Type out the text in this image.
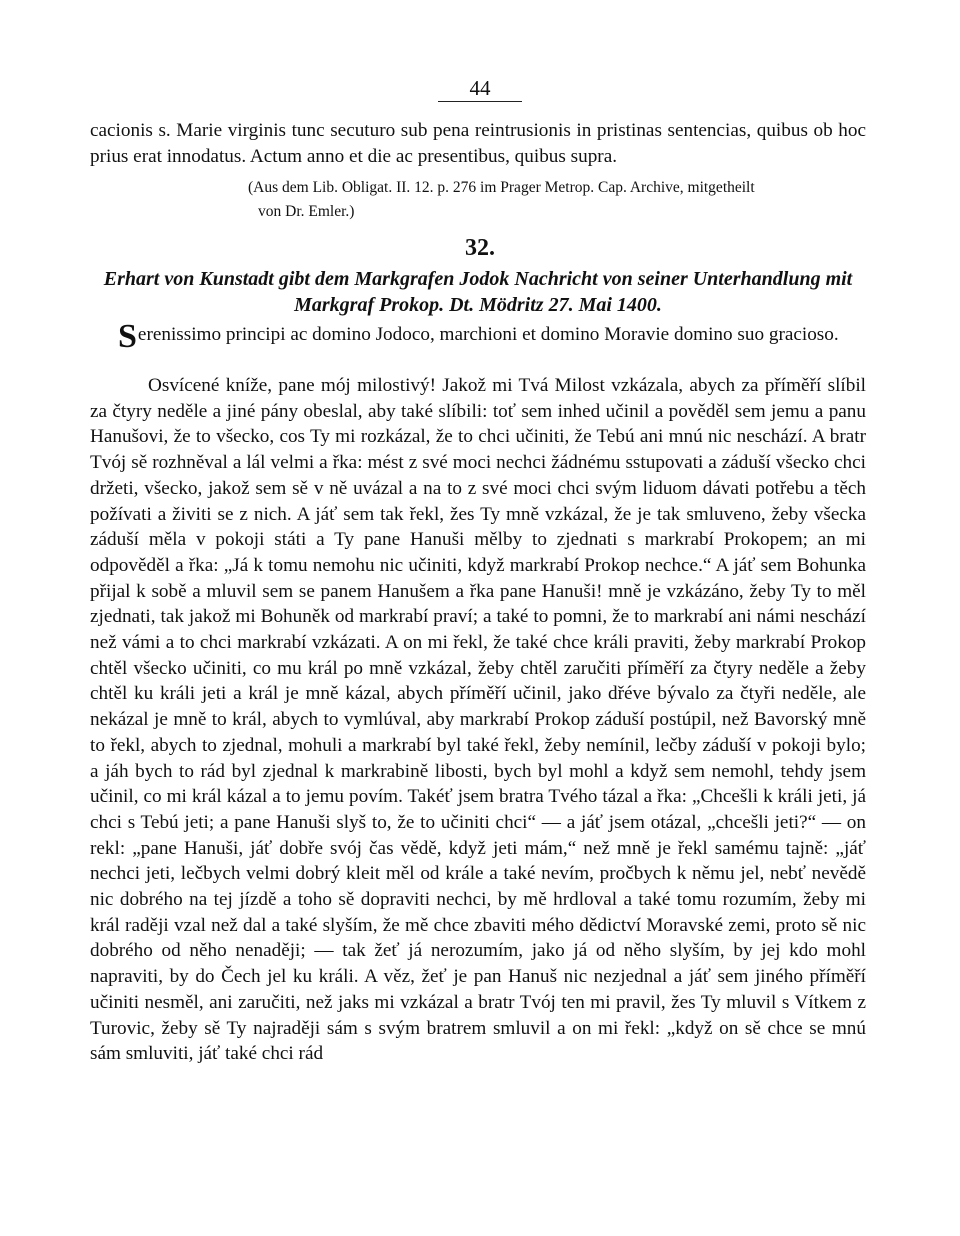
44

cacionis s. Marie virginis tunc secuturo sub pena reintrusionis in pristinas sentencias, quibus ob hoc prius erat innodatus. Actum anno et die ac presentibus, quibus supra.

(Aus dem Lib. Obligat. II. 12. p. 276 im Prager Metrop. Cap. Archive, mitgetheilt
von Dr. Emler.)
32.

Erhart von Kunstadt gibt dem Markgrafen Jodok Nachricht von seiner Unterhandlung mit Markgraf Prokop. Dt. Mödritz 27. Mai 1400.

Serenissimo principi ac domino Jodoco, marchioni et domino Moravie domino suo gracioso.

Osvícené kníže, pane mój milostivý! Jakož mi Tvá Milost vzkázala, abych za příměří slíbil za čtyry neděle a jiné pány obeslal, aby také slíbili: toť sem inhed učinil a pověděl sem jemu a panu Hanušovi, že to všecko, cos Ty mi rozkázal, že to chci učiniti, že Tebú ani mnú nic neschází. A bratr Tvój sě rozhněval a lál velmi a řka: mést z své moci nechci žádnému sstupovati a záduší všecko chci držeti, všecko, jakož sem sě v ně uvázal a na to z své moci chci svým liduom dávati potřebu a těch požívati a živiti se z nich. A jáť sem tak řekl, žes Ty mně vzkázal, že je tak smluveno, žeby všecka záduší měla v pokoji státi a Ty pane Hanuši mělby to zjednati s markrabí Prokopem; an mi odpověděl a řka: „Já k tomu nemohu nic učiniti, když markrabí Prokop nechce.“ A jáť sem Bohunka přijal k sobě a mluvil sem se panem Hanušem a řka pane Hanuši! mně je vzkázáno, žeby Ty to měl zjednati, tak jakož mi Bohuněk od markrabí praví; a také to pomni, že to markrabí ani námi neschází než vámi a to chci markrabí vzkázati. A on mi řekl, že také chce králi praviti, žeby markrabí Prokop chtěl všecko učiniti, co mu král po mně vzkázal, žeby chtěl zaručiti příměří za čtyry neděle a žeby chtěl ku králi jeti a král je mně kázal, abych příměří učinil, jako dřéve bývalo za čtyři neděle, ale nekázal je mně to král, abych to vymlúval, aby markrabí Prokop záduší postúpil, než Bavorský mně to řekl, abych to zjednal, mohuli a markrabí byl také řekl, žeby nemínil, lečby záduší v pokoji bylo; a jáh bych to rád byl zjednal k markrabině libosti, bych byl mohl a když sem nemohl, tehdy jsem učinil, co mi král kázal a to jemu povím. Takéť jsem bratra Tvého tázal a řka: „Chcešli k králi jeti, já chci s Tebú jeti; a pane Hanuši slyš to, že to učiniti chci“ — a jáť jsem otázal, „chcešli jeti?“ — on rekl: „pane Hanuši, jáť dobře svój čas vědě, když jeti mám,“ než mně je řekl samému tajně: „jáť nechci jeti, lečbych velmi dobrý kleit měl od krále a také nevím, pročbych k němu jel, nebť nevědě nic dobrého na tej jízdě a toho sě dopraviti nechci, by mě hrdloval a také tomu rozumím, žeby mi král raději vzal než dal a také slyším, že mě chce zbaviti mého dědictví Moravské zemi, proto sě nic dobrého od něho nenaději; — tak žeť já nerozumím, jako já od něho slyším, by jej kdo mohl napraviti, by do Čech jel ku králi. A věz, žeť je pan Hanuš nic nezjednal a jáť sem jiného příměří učiniti nesměl, ani zaručiti, než jaks mi vzkázal a bratr Tvój ten mi pravil, žes Ty mluvil s Vítkem z Turovic, žeby sě Ty najraději sám s svým bratrem smluvil a on mi řekl: „když on sě chce se mnú sám smluviti, jáť také chci rád
